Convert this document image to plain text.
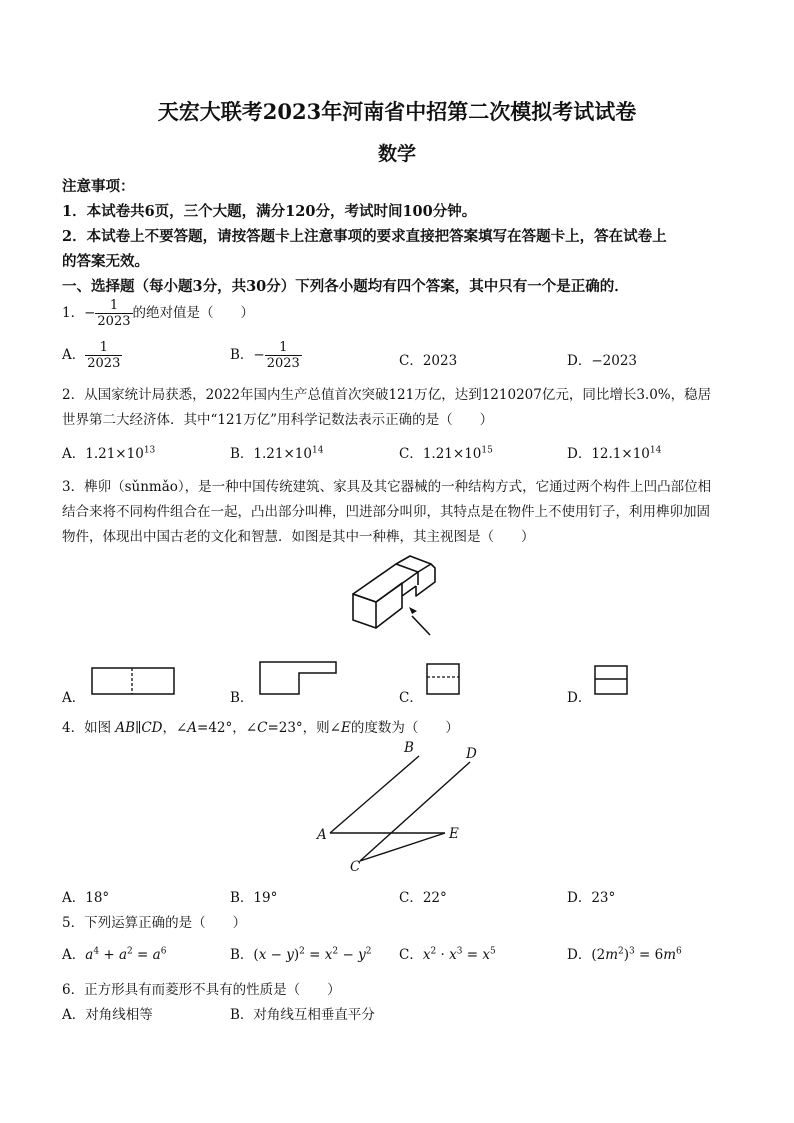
天宏大联考2023年河南省中招第二次模拟考试试卷
数学
注意事项：
1．本试卷共6页，三个大题，满分120分，考试时间100分钟。
2．本试卷上不要答题，请按答题卡上注意事项的要求直接把答案填写在答题卡上，答在试卷上
的答案无效。
一、选择题（每小题3分，共30分）下列各小题均有四个答案，其中只有一个是正确的．
1．− $\frac{1}{2023}$ 的绝对值是（　　）
A． $\frac{1}{2023}$	B．− $\frac{1}{2023}$	C．2023	D．−2023
2．从国家统计局获悉，2022年国内生产总值首次突破121万亿，达到1210207亿元，同比增长3.0%，稳居
世界第二大经济体．其中“121万亿”用科学记数法表示正确的是（　　）
A．$1.21\times 10^{13}$	B．$1.21\times 10^{14}$	C．$1.21\times 10^{15}$	D．$12.1\times 10^{14}$
3．榫卯（sǔnmǎo），是一种中国传统建筑、家具及其它器械的一种结构方式，它通过两个构件上凹凸部位相
结合来将不同构件组合在一起，凸出部分叫榫，凹进部分叫卯，其特点是在物件上不使用钉子，利用榫卯加固
物件，体现出中国古老的文化和智慧．如图是其中一种榫，其主视图是（　　）
A．	B．	C．	D．
4．如图 AB∥CD，∠A=42°，∠C=23°，则∠E的度数为（　　）
B	D
A	E
C
A．18°	B．19°	C．22°	D．23°
5．下列运算正确的是（　　）
A．$a^4 + a^2 = a^6$	B．$(x - y)^2 = x^2 - y^2$ C．$x^2 \cdot x^3 = x^5$	D．$(2m^2)^3 = 6m^6$
6．正方形具有而菱形不具有的性质是（　　）
A．对角线相等	B．对角线互相垂直平分
